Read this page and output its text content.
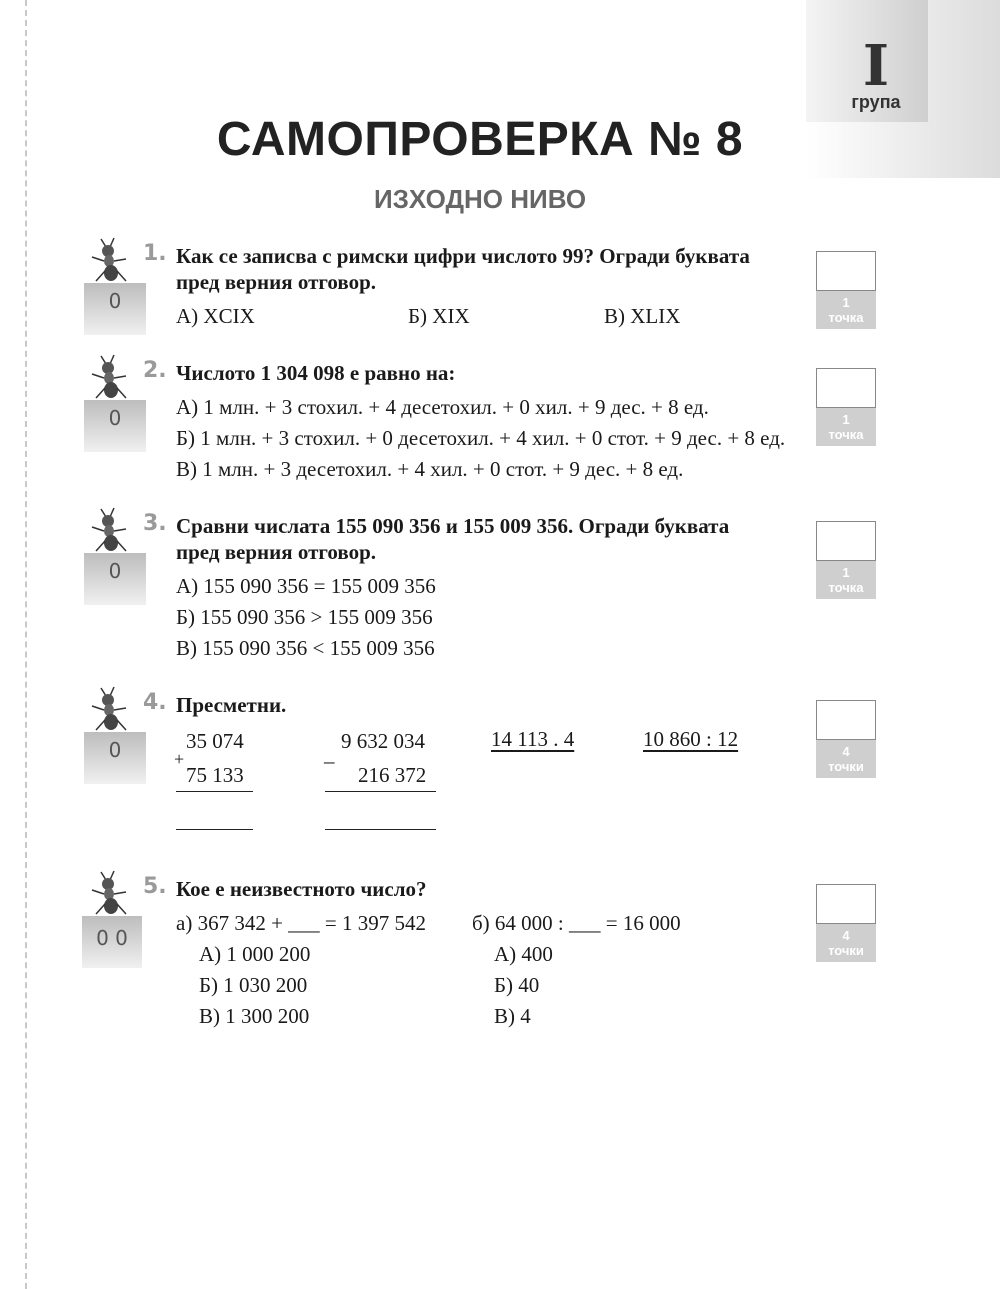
I
група
САМОПРОВЕРКА № 8
ИЗХОДНО НИВО
0
1. Как се записва с римски цифри числото 99? Огради буквата
пред верния отговор.
А) XCIX	Б) XIX	В) XLIX
1
точка
0
2. Числото 1 304 098 е равно на:
А) 1 млн. + 3 стохил. + 4 десетохил. + 0 хил. + 9 дес. + 8 ед.
Б) 1 млн. + 3 стохил. + 0 десетохил. + 4 хил. + 0 стот. + 9 дес. + 8 ед.
В) 1 млн. + 3 десетохил. + 4 хил. + 0 стот. + 9 дес. + 8 ед.
1
точка
0
3. Сравни числата 155 090 356 и 155 009 356. Огради буквата
пред верния отговор.
А) 155 090 356 = 155 009 356
Б) 155 090 356 > 155 009 356
В) 155 090 356 < 155 009 356
1
точка
0
4. Пресметни.
35 074
+
75 133
9 632 034
–
216 372
14 113 . 4	10 860 : 12
4
точки
0 0
5. Кое е неизвестното число?
а) 367 342 + ___ = 1 397 542 б) 64 000 : ___ = 16 000
А) 1 000 200
Б) 1 030 200
В) 1 300 200
А) 400
Б) 40
В) 4
4
точки
